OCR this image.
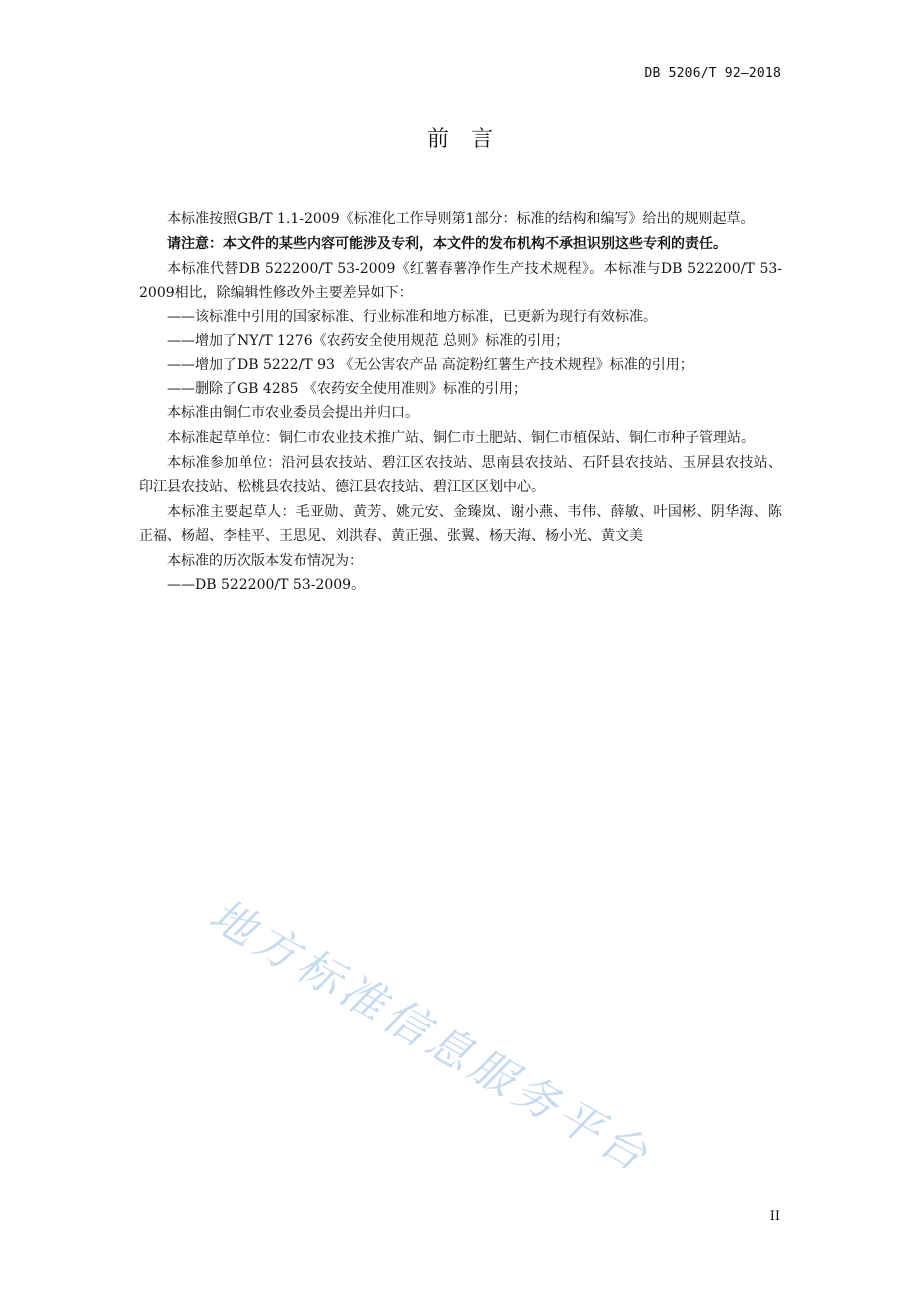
DB 5206/T 92—2018
前言

本标准按照GB/T 1.1-2009《标准化工作导则第1部分：标准的结构和编写》给出的规则起草。

请注意：本文件的某些内容可能涉及专利，本文件的发布机构不承担识别这些专利的责任。

本标准代替DB 522200/T 53-2009《红薯春薯净作生产技术规程》。本标准与DB 522200/T 53-2009相比，除编辑性修改外主要差异如下：

——该标准中引用的国家标准、行业标准和地方标准，已更新为现行有效标准。

——增加了NY/T 1276《农药安全使用规范 总则》标准的引用；

——增加了DB 5222/T 93 《无公害农产品 高淀粉红薯生产技术规程》标准的引用；

——删除了GB 4285 《农药安全使用准则》标准的引用；

本标准由铜仁市农业委员会提出并归口。

本标准起草单位：铜仁市农业技术推广站、铜仁市土肥站、铜仁市植保站、铜仁市种子管理站。

本标准参加单位：沿河县农技站、碧江区农技站、思南县农技站、石阡县农技站、玉屏县农技站、印江县农技站、松桃县农技站、德江县农技站、碧江区区划中心。

本标准主要起草人：毛亚勋、黄芳、姚元安、金臻岚、谢小燕、韦伟、薛敏、叶国彬、阴华海、陈正福、杨超、李桂平、王思见、刘洪春、黄正强、张翼、杨天海、杨小光、黄文美

本标准的历次版本发布情况为：

——DB 522200/T 53-2009。

地方标准信息服务平台
II
